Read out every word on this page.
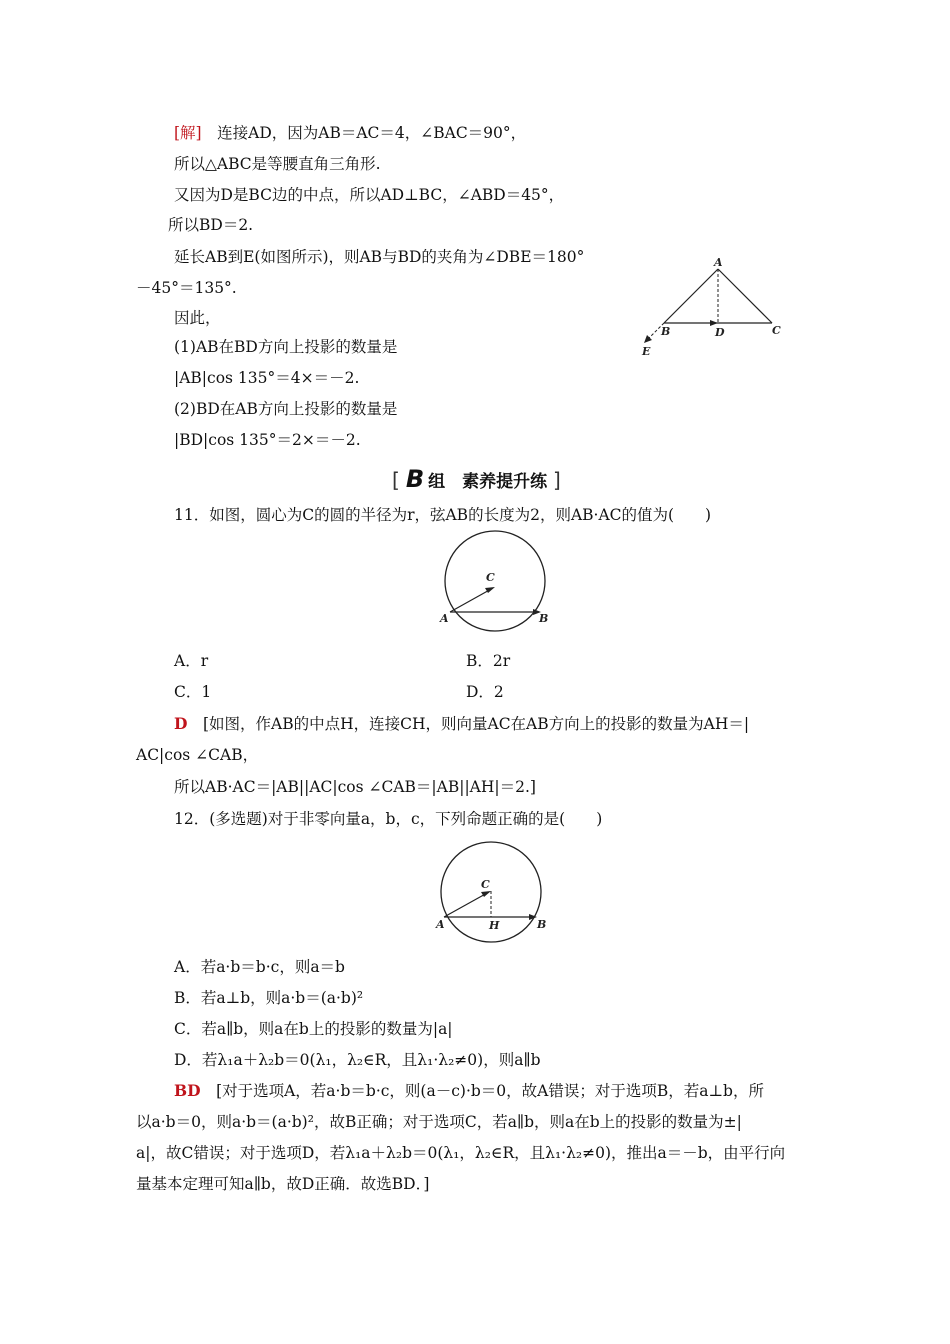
[解]　 连接AD，因为AB＝AC＝4，∠BAC＝90°，
所以△ABC是等腰直角三角形.
又因为D是BC边的中点，所以AD⊥BC，∠ABD＝45°，
所以BD＝2.
延长AB到E(如图所示)，则AB与BD的夹角为∠DBE＝180°
－45°＝135°.
因此，
(1)AB在BD方向上投影的数量是
|AB|cos 135°＝4×＝－2.
(2)BD在AB方向上投影的数量是
|BD|cos 135°＝2×＝－2.
A
B	D	C
E
[ B 组　素养提升练 ]
11．如图，圆心为C的圆的半径为r，弦AB的长度为2，则AB·AC的值为(　　)
C
A	B
A．r	B．2r
C．1	D．2
D　 [如图，作AB的中点H，连接CH，则向量AC在AB方向上的投影的数量为AH＝|
AC|cos ∠CAB，
所以AB·AC＝|AB||AC|cos ∠CAB＝|AB||AH|＝2.]
12．(多选题)对于非零向量a，b，c，下列命题正确的是(　　)
C
A	H	B
A．若a·b＝b·c，则a＝b
B．若a⊥b，则a·b＝(a·b)²
C．若a∥b，则a在b上的投影的数量为|a|
D．若λ₁a＋λ₂b＝0(λ₁，λ₂∈R，且λ₁·λ₂≠0)，则a∥b
BD　 [对于选项A，若a·b＝b·c，则(a－c)·b＝0，故A错误；对于选项B，若a⊥b，所
以a·b＝0，则a·b＝(a·b)²，故B正确；对于选项C，若a∥b，则a在b上的投影的数量为±|
a|，故C错误；对于选项D，若λ₁a＋λ₂b＝0(λ₁，λ₂∈R，且λ₁·λ₂≠0)，推出a＝－b，由平行向
量基本定理可知a∥b，故D正确．故选BD．]
